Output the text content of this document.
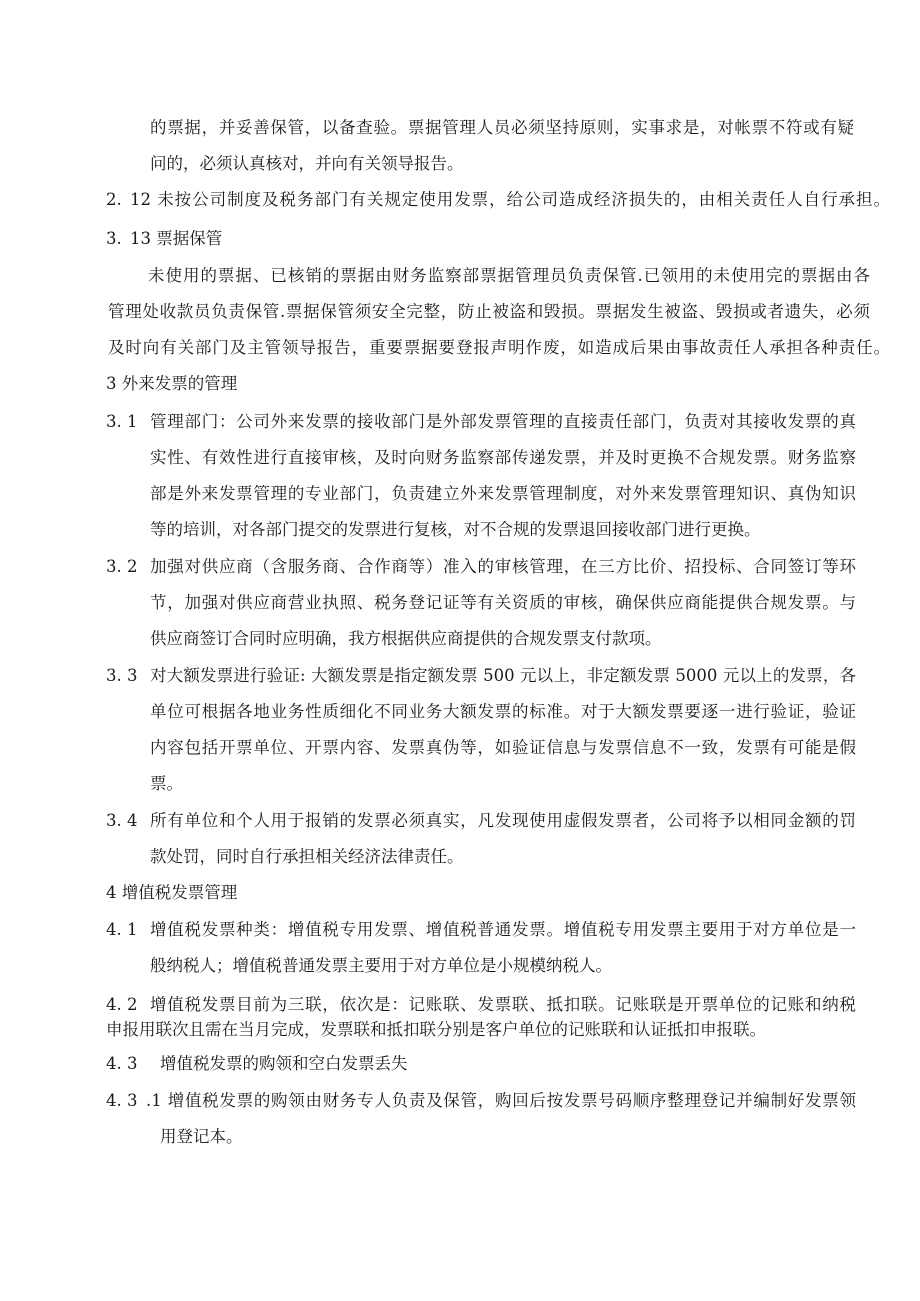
的票据，并妥善保管，以备查验。票据管理人员必须坚持原则，实事求是，对帐票不符或有疑
问的，必须认真核对，并向有关领导报告。
2. 12 未按公司制度及税务部门有关规定使用发票，给公司造成经济损失的，由相关责任人自行承担。
3. 13 票据保管
未使用的票据、已核销的票据由财务监察部票据管理员负责保管.已领用的未使用完的票据由各
管理处收款员负责保管.票据保管须安全完整，防止被盗和毁损。票据发生被盗、毁损或者遗失，必须
及时向有关部门及主管领导报告，重要票据要登报声明作废，如造成后果由事故责任人承担各种责任。
3 外来发票的管理
3. 1 管理部门：公司外来发票的接收部门是外部发票管理的直接责任部门，负责对其接收发票的真
实性、有效性进行直接审核，及时向财务监察部传递发票，并及时更换不合规发票。财务监察
部是外来发票管理的专业部门，负责建立外来发票管理制度，对外来发票管理知识、真伪知识
等的培训，对各部门提交的发票进行复核，对不合规的发票退回接收部门进行更换。
3. 2 加强对供应商（含服务商、合作商等）准入的审核管理，在三方比价、招投标、合同签订等环
节，加强对供应商营业执照、税务登记证等有关资质的审核，确保供应商能提供合规发票。与
供应商签订合同时应明确，我方根据供应商提供的合规发票支付款项。
3. 3 对大额发票进行验证: 大额发票是指定额发票 500 元以上，非定额发票 5000 元以上的发票，各
单位可根据各地业务性质细化不同业务大额发票的标准。对于大额发票要逐一进行验证，验证
内容包括开票单位、开票内容、发票真伪等，如验证信息与发票信息不一致，发票有可能是假
票。
3. 4 所有单位和个人用于报销的发票必须真实，凡发现使用虚假发票者，公司将予以相同金额的罚
款处罚，同时自行承担相关经济法律责任。
4 增值税发票管理
4. 1 增值税发票种类：增值税专用发票、增值税普通发票。增值税专用发票主要用于对方单位是一
般纳税人；增值税普通发票主要用于对方单位是小规模纳税人。
4. 2 增值税发票目前为三联，依次是：记账联、发票联、抵扣联。记账联是开票单位的记账和纳税
申报用联次且需在当月完成，发票联和抵扣联分别是客户单位的记账联和认证抵扣申报联。
4. 3 增值税发票的购领和空白发票丢失
4. 3 .1 增值税发票的购领由财务专人负责及保管，购回后按发票号码顺序整理登记并编制好发票领
用登记本。
